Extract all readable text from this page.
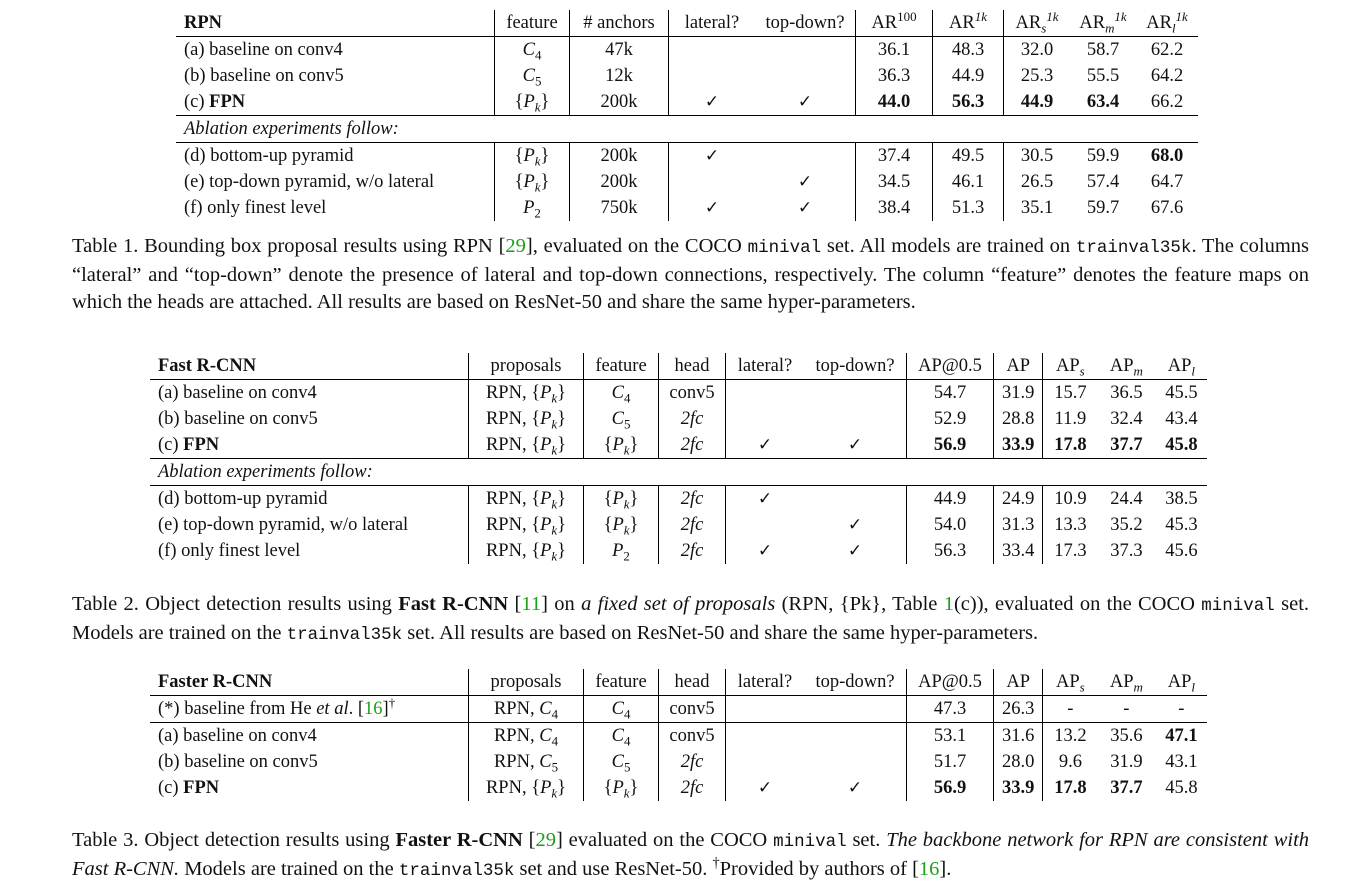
RPN	feature	# anchors	lateral?	top-down?	AR$^{100}$	$AR^{1k}$	$AR_s^{1k}$	$AR_m^{1k}$	$AR_l^{1k}$
(a) baseline on conv4	$C_4$	47k			36.1	48.3	32.0	58.7	62.2
(b) baseline on conv5	$C_5$	12k			36.3	44.9	25.3	55.5	64.2
(c) FPN	$\{P_k\}$	200k	✓	✓	44.0	56.3	44.9	63.4	66.2
Ablation experiments follow:									
(d) bottom-up pyramid	$\{P_k\}$	200k	✓		37.4	49.5	30.5	59.9	68.0
(e) top-down pyramid, w/o lateral	$\{P_k\}$	200k		✓	34.5	46.1	26.5	57.4	64.7
(f) only finest level	$P_2$	750k	✓	✓	38.4	51.3	35.1	59.7	67.6

Table 1. Bounding box proposal results using RPN [29], evaluated on the COCO minival set. All models are trained on trainval35k. The columns “lateral” and “top-down” denote the presence of lateral and top-down connections, respectively. The column “feature” denotes the feature maps on which the heads are attached. All results are based on ResNet-50 and share the same hyper-parameters.

Fast R-CNN	proposals	feature	head	lateral?	top-down?	AP@0.5	AP	$AP_s$	$AP_m$	$AP_l$
(a) baseline on conv4	RPN, $\{P_k\}$	$C_4$	conv5			54.7	31.9	15.7	36.5	45.5
(b) baseline on conv5	RPN, $\{P_k\}$	$C_5$	2fc			52.9	28.8	11.9	32.4	43.4
(c) FPN	RPN, $\{P_k\}$	$\{P_k\}$	2fc	✓	✓	56.9	33.9	17.8	37.7	45.8
Ablation experiments follow:										
(d) bottom-up pyramid	RPN, $\{P_k\}$	$\{P_k\}$	2fc	✓		44.9	24.9	10.9	24.4	38.5
(e) top-down pyramid, w/o lateral	RPN, $\{P_k\}$	$\{P_k\}$	2fc		✓	54.0	31.3	13.3	35.2	45.3
(f) only finest level	RPN, $\{P_k\}$	$P_2$	2fc	✓	✓	56.3	33.4	17.3	37.3	45.6

Table 2. Object detection results using Fast R-CNN [11] on a fixed set of proposals (RPN, {Pk}, Table 1(c)), evaluated on the COCO minival set. Models are trained on the trainval35k set. All results are based on ResNet-50 and share the same hyper-parameters.

Faster R-CNN	proposals	feature	head	lateral?	top-down?	AP@0.5	AP	$AP_s$	$AP_m$	$AP_l$
(*) baseline from He et al. [16]†	RPN, $C_4$	$C_4$	conv5			47.3	26.3	-	-	-
(a) baseline on conv4	RPN, $C_4$	$C_4$	conv5			53.1	31.6	13.2	35.6	47.1
(b) baseline on conv5	RPN, $C_5$	$C_5$	2fc			51.7	28.0	9.6	31.9	43.1
(c) FPN	RPN, $\{P_k\}$	$\{P_k\}$	2fc	✓	✓	56.9	33.9	17.8	37.7	45.8

Table 3. Object detection results using Faster R-CNN [29] evaluated on the COCO minival set. The backbone network for RPN are consistent with Fast R-CNN. Models are trained on the trainval35k set and use ResNet-50. †Provided by authors of [16].
